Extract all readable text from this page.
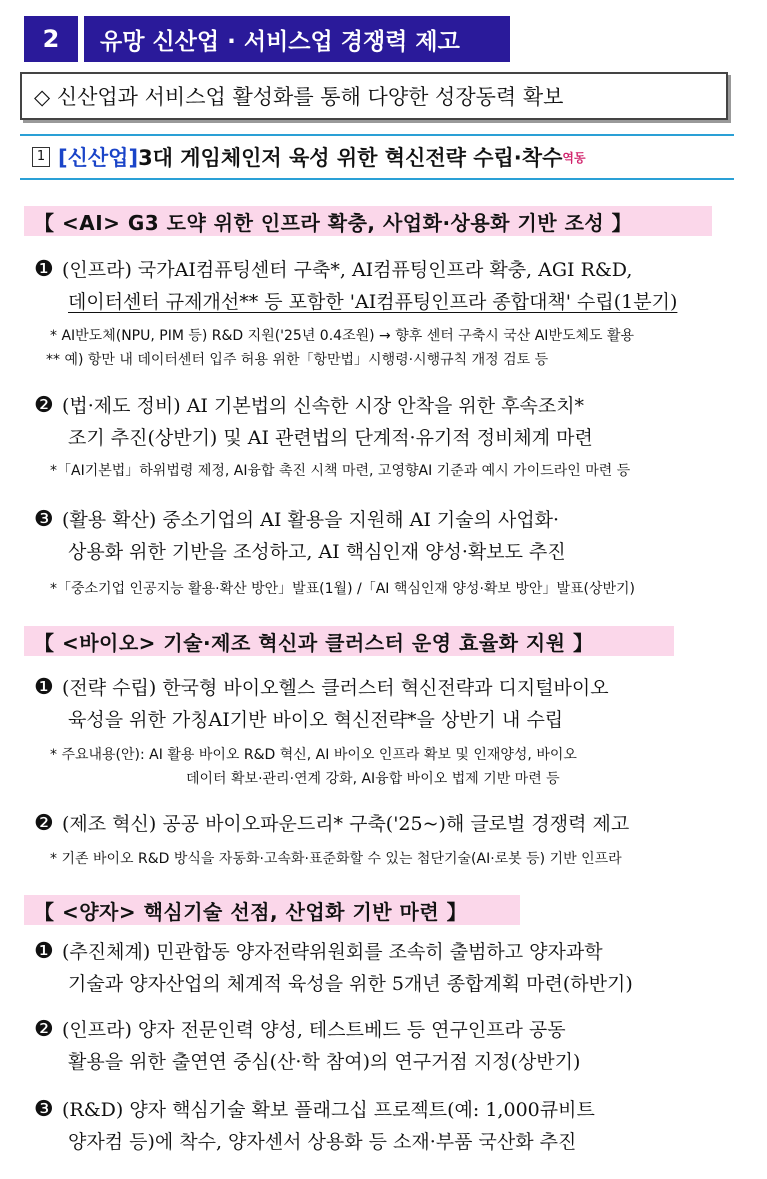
2	유망 신산업 · 서비스업 경쟁력 제고
◇ 신산업과 서비스업 활성화를 통해 다양한 성장동력 확보
1 [신산업] 3대 게임체인저 육성 위한 혁신전략 수립·착수 역동
【 <AI> G3 도약 위한 인프라 확충, 사업화·상용화 기반 조성 】
❶ (인프라) 국가AI컴퓨팅센터 구축*, AI컴퓨팅인프라 확충, AGI R&D,
데이터센터 규제개선** 등 포함한 'AI컴퓨팅인프라 종합대책' 수립(1분기)
* AI반도체(NPU, PIM 등) R&D 지원('25년 0.4조원) → 향후 센터 구축시 국산 AI반도체도 활용
** 예) 항만 내 데이터센터 입주 허용 위한「항만법」시행령·시행규칙 개정 검토 등
❷ (법·제도 정비) AI 기본법의 신속한 시장 안착을 위한 후속조치*
조기 추진(상반기) 및 AI 관련법의 단계적·유기적 정비체계 마련
*「AI기본법」하위법령 제정, AI융합 촉진 시책 마련, 고영향AI 기준과 예시 가이드라인 마련 등
❸ (활용 확산) 중소기업의 AI 활용을 지원해 AI 기술의 사업화·
상용화 위한 기반을 조성하고, AI 핵심인재 양성·확보도 추진
*「중소기업 인공지능 활용·확산 방안」발표(1월) /「AI 핵심인재 양성·확보 방안」발표(상반기)
【 <바이오> 기술·제조 혁신과 클러스터 운영 효율화 지원 】
❶ (전략 수립) 한국형 바이오헬스 클러스터 혁신전략과 디지털바이오
육성을 위한 가칭AI기반 바이오 혁신전략*을 상반기 내 수립
* 주요내용(안): AI 활용 바이오 R&D 혁신, AI 바이오 인프라 확보 및 인재양성, 바이오
데이터 확보·관리·연계 강화, AI융합 바이오 법제 기반 마련 등
❷ (제조 혁신) 공공 바이오파운드리* 구축('25~)해 글로벌 경쟁력 제고
* 기존 바이오 R&D 방식을 자동화·고속화·표준화할 수 있는 첨단기술(AI·로봇 등) 기반 인프라
【 <양자> 핵심기술 선점, 산업화 기반 마련 】
❶ (추진체계) 민관합동 양자전략위원회를 조속히 출범하고 양자과학
기술과 양자산업의 체계적 육성을 위한 5개년 종합계획 마련(하반기)
❷ (인프라) 양자 전문인력 양성, 테스트베드 등 연구인프라 공동
활용을 위한 출연연 중심(산·학 참여)의 연구거점 지정(상반기)
❸ (R&D) 양자 핵심기술 확보 플래그십 프로젝트(예: 1,000큐비트
양자컴 등)에 착수, 양자센서 상용화 등 소재·부품 국산화 추진
